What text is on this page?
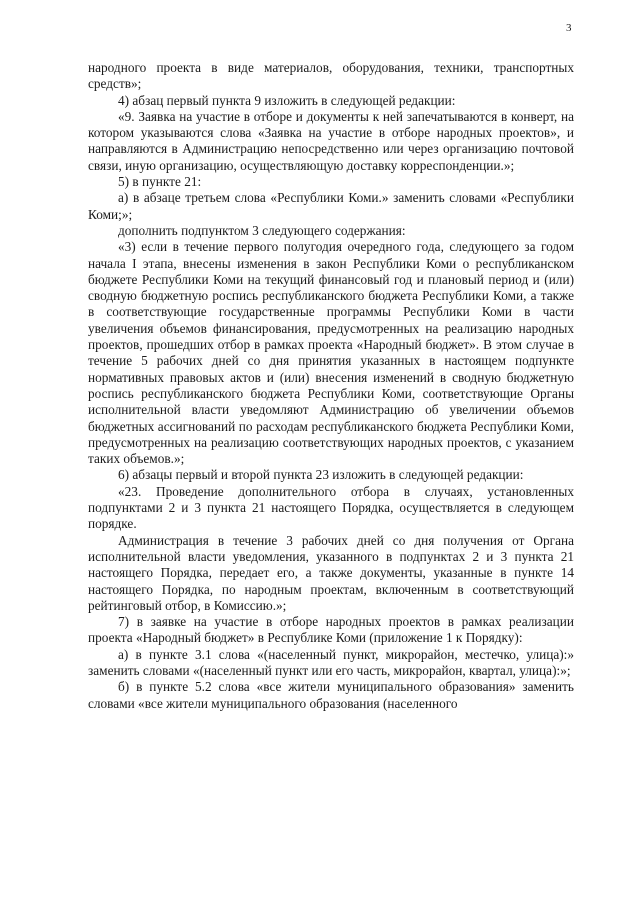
3

народного проекта в виде материалов, оборудования, техники, транспортных средств»;

4) абзац первый пункта 9 изложить в следующей редакции:

«9. Заявка на участие в отборе и документы к ней запечатываются в конверт, на котором указываются слова «Заявка на участие в отборе народных проектов», и направляются в Администрацию непосредственно или через организацию почтовой связи, иную организацию, осуществляющую доставку корреспонденции.»;

5) в пункте 21:

а) в абзаце третьем слова «Республики Коми.» заменить словами «Республики Коми;»;

дополнить подпунктом 3 следующего содержания:

«3) если в течение первого полугодия очередного года, следующего за годом начала I этапа, внесены изменения в закон Республики Коми о республиканском бюджете Республики Коми на текущий финансовый год и плановый период и (или) сводную бюджетную роспись республиканского бюджета Республики Коми, а также в соответствующие государственные программы Республики Коми в части увеличения объемов финансирования, предусмотренных на реализацию народных проектов, прошедших отбор в рамках проекта «Народный бюджет». В этом случае в течение 5 рабочих дней со дня принятия указанных в настоящем подпункте нормативных правовых актов и (или) внесения изменений в сводную бюджетную роспись республиканского бюджета Республики Коми, соответствующие Органы исполнительной власти уведомляют Администрацию об увеличении объемов бюджетных ассигнований по расходам республиканского бюджета Республики Коми, предусмотренных на реализацию соответствующих народных проектов, с указанием таких объемов.»;

6) абзацы первый и второй пункта 23 изложить в следующей редакции:

«23. Проведение дополнительного отбора в случаях, установленных подпунктами 2 и 3 пункта 21 настоящего Порядка, осуществляется в следующем порядке.

Администрация в течение 3 рабочих дней со дня получения от Органа исполнительной власти уведомления, указанного в подпунктах 2 и 3 пункта 21 настоящего Порядка, передает его, а также документы, указанные в пункте 14 настоящего Порядка, по народным проектам, включенным в соответствующий рейтинговый отбор, в Комиссию.»;

7) в заявке на участие в отборе народных проектов в рамках реализации проекта «Народный бюджет» в Республике Коми (приложение 1 к Порядку):

а) в пункте 3.1 слова «(населенный пункт, микрорайон, местечко, улица):» заменить словами «(населенный пункт или его часть, микрорайон, квартал, улица):»;

б) в пункте 5.2 слова «все жители муниципального образования» заменить словами «все жители муниципального образования (населенного
